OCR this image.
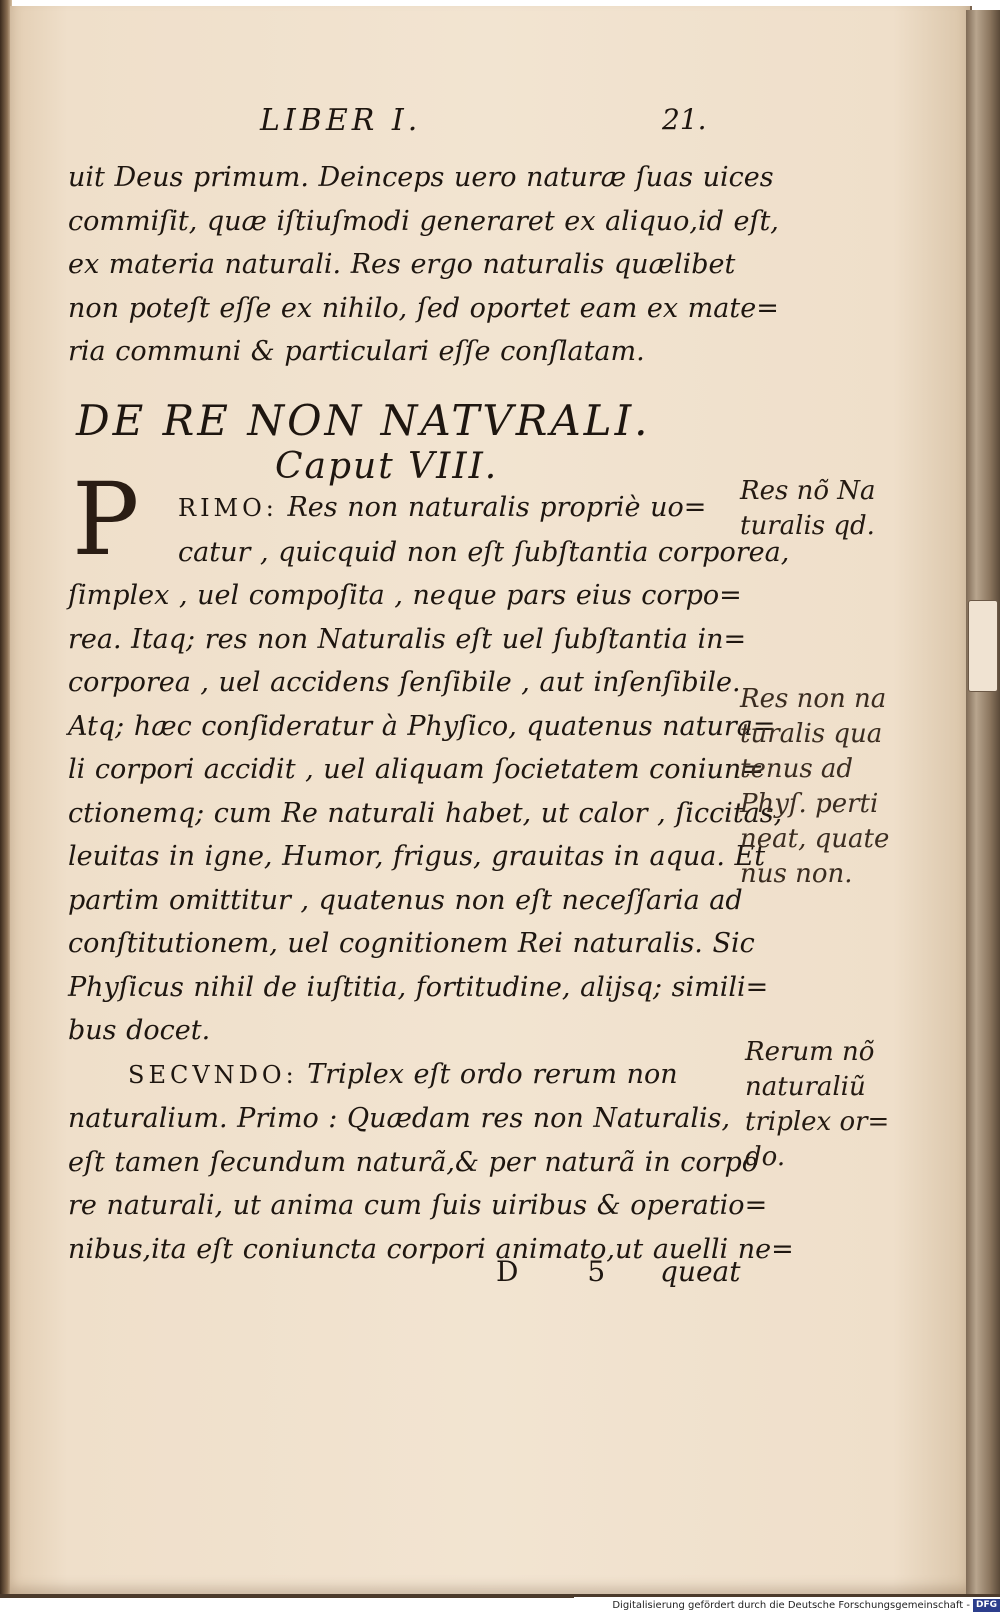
LIBER I.	21.
uit Deus primum. Deinceps uero naturæ ſuas uices
commiſit, quæ iſtiuſmodi generaret ex aliquo,id eſt,
ex materia naturali. Res ergo naturalis quælibet
non poteſt eſſe ex nihilo, ſed oportet eam ex mate=
ria communi & particulari eſſe conſlatam.
DE RE NON NATVRALI.
Caput VIII.
P	RIMO: Res non naturalis propriè uo=
catur , quicquid non eſt ſubſtantia corporea,
ſimplex , uel compoſita , neque pars eius corpo=
rea. Itaq; res non Naturalis eſt uel ſubſtantia in=
corporea , uel accidens ſenſibile , aut inſenſibile.
Atq; hæc conſideratur à Phyſico, quatenus natura=
li corpori accidit , uel aliquam ſocietatem coniun=
ctionemq; cum Re naturali habet, ut calor , ſiccitas,
leuitas in igne, Humor, frigus, grauitas in aqua. Et
partim omittitur , quatenus non eſt neceſſaria ad
conſtitutionem, uel cognitionem Rei naturalis. Sic
Phyſicus nihil de iuſtitia, fortitudine, alijsq; simili=
bus docet.
SECVNDO: Triplex eſt ordo rerum non
naturalium. Primo : Quædam res non Naturalis,
eſt tamen ſecundum naturã,& per naturã in corpo
re naturali, ut anima cum ſuis uiribus & operatio=
nibus,ita eſt coniuncta corpori animato,ut auelli ne=
Res nõ Na
turalis qd.
Res non na
turalis qua
tenus ad
Phyſ. perti
neat, quate
nus non.
Rerum nõ
naturaliũ
triplex or=
do.
D 5 queat
Digitalisierung gefördert durch die Deutsche Forschungsgemeinschaft - DFG
